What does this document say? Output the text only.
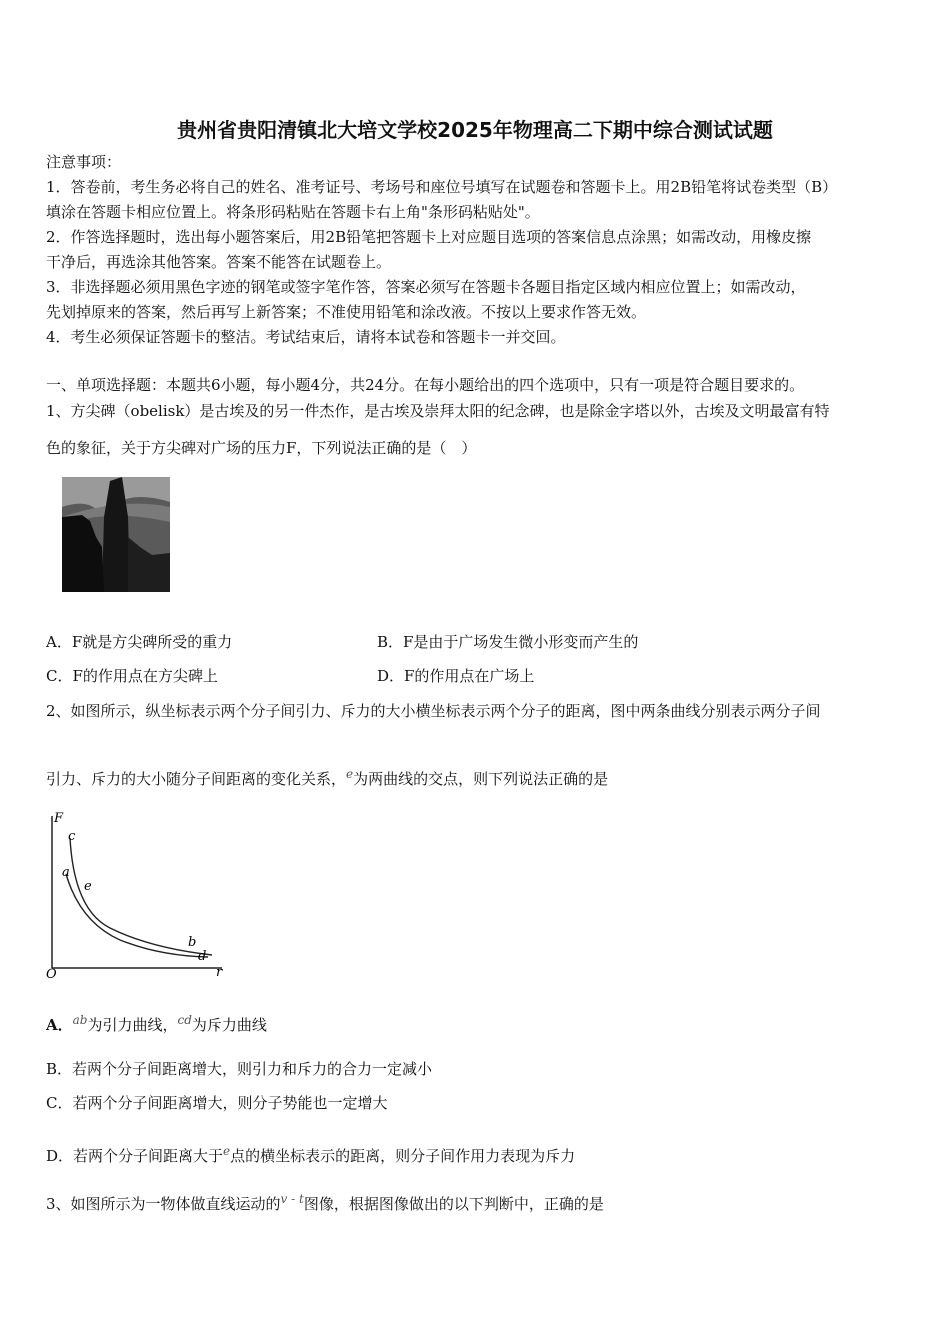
贵州省贵阳清镇北大培文学校2025年物理高二下期中综合测试试题
注意事项：
1．答卷前，考生务必将自己的姓名、准考证号、考场号和座位号填写在试题卷和答题卡上。用2B铅笔将试卷类型（B）
填涂在答题卡相应位置上。将条形码粘贴在答题卡右上角"条形码粘贴处"。
2．作答选择题时，选出每小题答案后，用2B铅笔把答题卡上对应题目选项的答案信息点涂黑；如需改动，用橡皮擦
干净后，再选涂其他答案。答案不能答在试题卷上。
3．非选择题必须用黑色字迹的钢笔或签字笔作答，答案必须写在答题卡各题目指定区域内相应位置上；如需改动，
先划掉原来的答案，然后再写上新答案；不准使用铅笔和涂改液。不按以上要求作答无效。
4．考生必须保证答题卡的整洁。考试结束后，请将本试卷和答题卡一并交回。
一、单项选择题：本题共6小题，每小题4分，共24分。在每小题给出的四个选项中，只有一项是符合题目要求的。
1、方尖碑（obelisk）是古埃及的另一件杰作，是古埃及崇拜太阳的纪念碑，也是除金字塔以外，古埃及文明最富有特
色的象征，关于方尖碑对广场的压力F，下列说法正确的是（　）
A．F就是方尖碑所受的重力	B．F是由于广场发生微小形变而产生的
C．F的作用点在方尖碑上	D．F的作用点在广场上
2、如图所示，纵坐标表示两个分子间引力、斥力的大小横坐标表示两个分子的距离，图中两条曲线分别表示两分子间
引力、斥力的大小随分子间距离的变化关系，$^e$为两曲线的交点，则下列说法正确的是
F
c
a
e
b
d
O	r
A．$^{ab}$为引力曲线，$^{cd}$为斥力曲线
B．若两个分子间距离增大，则引力和斥力的合力一定减小
C．若两个分子间距离增大，则分子势能也一定增大
D．若两个分子间距离大于$^e$点的横坐标表示的距离，则分子间作用力表现为斥力
3、如图所示为一物体做直线运动的$^{v - t}$图像，根据图像做出的以下判断中，正确的是
